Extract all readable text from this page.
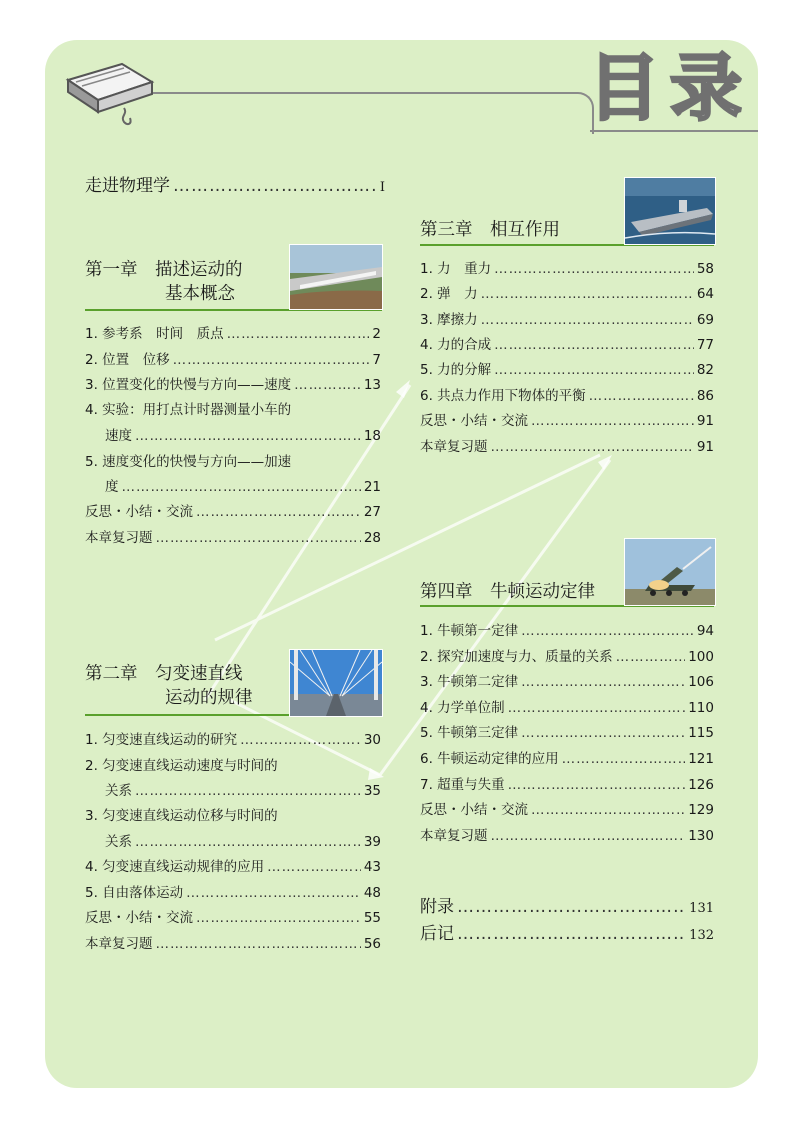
目录
走进物理学 ……………………………………………………………………………………………	I
第一章　描述运动的
基本概念
1. 参考系　时间　质点 ……………………………………………………………………………………………	2
2. 位置　位移 ……………………………………………………………………………………………	7
3. 位置变化的快慢与方向——速度 ……………………………………………………………………………………………	13
4. 实验：用打点计时器测量小车的
速度 ……………………………………………………………………………………………	18
5. 速度变化的快慢与方向——加速
度 ……………………………………………………………………………………………	21
反思・小结・交流 ……………………………………………………………………………………………	27
本章复习题 ……………………………………………………………………………………………	28
第二章　匀变速直线
运动的规律
1. 匀变速直线运动的研究 ……………………………………………………………………………………………	30
2. 匀变速直线运动速度与时间的
关系 ……………………………………………………………………………………………	35
3. 匀变速直线运动位移与时间的
关系 ……………………………………………………………………………………………	39
4. 匀变速直线运动规律的应用 ……………………………………………………………………………………………	43
5. 自由落体运动 ……………………………………………………………………………………………	48
反思・小结・交流 ……………………………………………………………………………………………	55
本章复习题 ……………………………………………………………………………………………	56
第三章　相互作用
1. 力　重力 ……………………………………………………………………………………………	58
2. 弹　力 ……………………………………………………………………………………………	64
3. 摩擦力 ……………………………………………………………………………………………	69
4. 力的合成 ……………………………………………………………………………………………	77
5. 力的分解 ……………………………………………………………………………………………	82
6. 共点力作用下物体的平衡 ……………………………………………………………………………………………	86
反思・小结・交流 ……………………………………………………………………………………………	91
本章复习题 ……………………………………………………………………………………………	91
第四章　牛顿运动定律
1. 牛顿第一定律 ……………………………………………………………………………………………	94
2. 探究加速度与力、质量的关系 ……………………………………………………………………………………………	100
3. 牛顿第二定律 ……………………………………………………………………………………………	106
4. 力学单位制 ……………………………………………………………………………………………	110
5. 牛顿第三定律 ……………………………………………………………………………………………	115
6. 牛顿运动定律的应用 ……………………………………………………………………………………………	121
7. 超重与失重 ……………………………………………………………………………………………	126
反思・小结・交流 ……………………………………………………………………………………………	129
本章复习题 ……………………………………………………………………………………………	130
附录 ……………………………………………………………………………………………	131
后记 ……………………………………………………………………………………………	132
